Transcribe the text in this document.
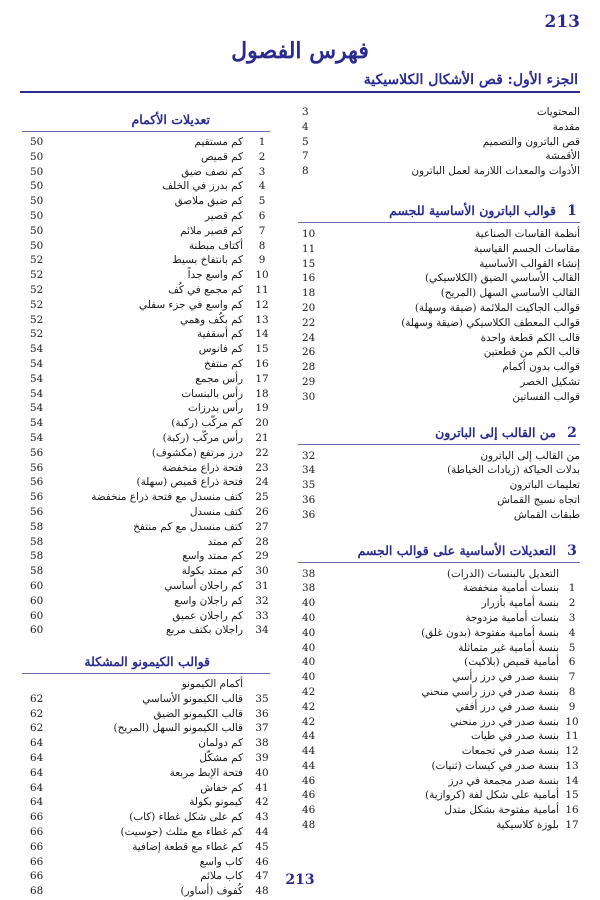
213
فهرس الفصول
الجزء الأول: قص الأشكال الكلاسيكية
المحتويات
3
مقدمة
4
قص الباترون والتصميم
5
الأقمشة
7
الأدوات والمعدات اللازمة لعمل الباترون
8
1
قوالب الباترون الأساسية للجسم
أنظمة القاسات الصناعية
10
مقاسات الجسم القياسية
11
إنشاء القوالب الأساسية
15
القالب الأساسي الضيق (الكلاسيكي)
16
القالب الأساسي السهل (المريح)
18
قوالب الجاكيت الملائمة (ضيقة وسهلة)
20
قوالب المعطف الكلاسيكي (ضيقة وسهلة)
22
قالب الكم قطعة واحدة
24
قالب الكم من قطعتين
26
قوالب بدون أكمام
28
تشكيل الخصر
29
قوالب الفساتين
30
2
من القالب إلى الباترون
من القالب إلى الباترون
32
بدلات الحياكة (زيادات الخياطة)
34
تعليمات الباترون
35
اتجاه نسيج القماش
36
طبقات القماش
36
3
التعديلات الأساسية على قوالب الجسم
التعديل بالبنسات (الدرات)
38
1
بنسات أمامية منخفضة
38
2
بنسة أمامية بأزرار
40
3
بنسات أمامية مزدوجة
40
4
بنسة أمامية مفتوحة (بدون غلق)
40
5
بنسة أمامية غير متماثلة
40
6
أمامية قميص (بلاكيت)
40
7
بنسة صدر في درز رأسي
40
8
بنسة صدر في درز رأسي منحني
42
9
بنسة صدر في درز أفقي
42
10
بنسة صدر في درز منحني
42
11
بنسة صدر في طيات
44
12
بنسة صدر في تجمعات
44
13
بنسة صدر في كيسات (ثنيات)
44
14
بنسة صدر مجمعة في درز
46
15
أمامية على شكل لفة (كروازية)
46
16
أمامية مفتوحة بشكل متدل
46
17
بلوزة كلاسيكية
48
تعديلات الأكمام
1
كم مستقيم
50
2
كم قميص
50
3
كم نصف ضيق
50
4
كم بدرز في الخلف
50
5
كم ضيق ملاصق
50
6
كم قصير
50
7
كم قصير ملائم
50
8
أكتاف مبطنة
50
9
كم بانتفاخ بسيط
52
10
كم واسع جداً
52
11
كم مجمع في كُف
52
12
كم واسع في جزء سفلي
52
13
كم بكُف وهمي
52
14
كم أسقفية
52
15
كم فانوس
54
16
كم منتفخ
54
17
رأس مجمع
54
18
رأس بالبنسات
54
19
رأس بدرزات
54
20
كم مركّب (ركبة)
54
21
رأس مركّب (ركبة)
54
22
درز مرتفع (مكشوف)
56
23
فتحة ذراع منخفضة
56
24
فتحة ذراع قميص (سهلة)
56
25
كتف منسدل مع فتحة ذراع منخفضة
56
26
كتف منسدل
56
27
كتف منسدل مع كم منتفخ
58
28
كم ممتد
58
29
كم ممتد واسع
58
30
كم ممتد بكولة
58
31
كم راجلان أساسي
60
32
كم راجلان واسع
60
33
كم راجلان عميق
60
34
راجلان بكتف مربع
60
قوالب الكيمونو المشكلة
أكمام الكيمونو
35
قالب الكيمونو الأساسي
62
36
قالب الكيمونو الضيق
62
37
قالب الكيمونو السهل (المريح)
62
38
كم دولمان
64
39
كم مشكّل
64
40
فتحة الإبط مربعة
64
41
كم خفاش
64
42
كيمونو بكولة
64
43
كم على شكل غطاء (كاب)
66
44
كم غطاء مع مثلث (جوسيت)
66
45
كم غطاء مع قطعة إضافية
66
46
كاب واسع
66
47
كاب ملائم
66
48
كُفوف (أساور)
68
213
